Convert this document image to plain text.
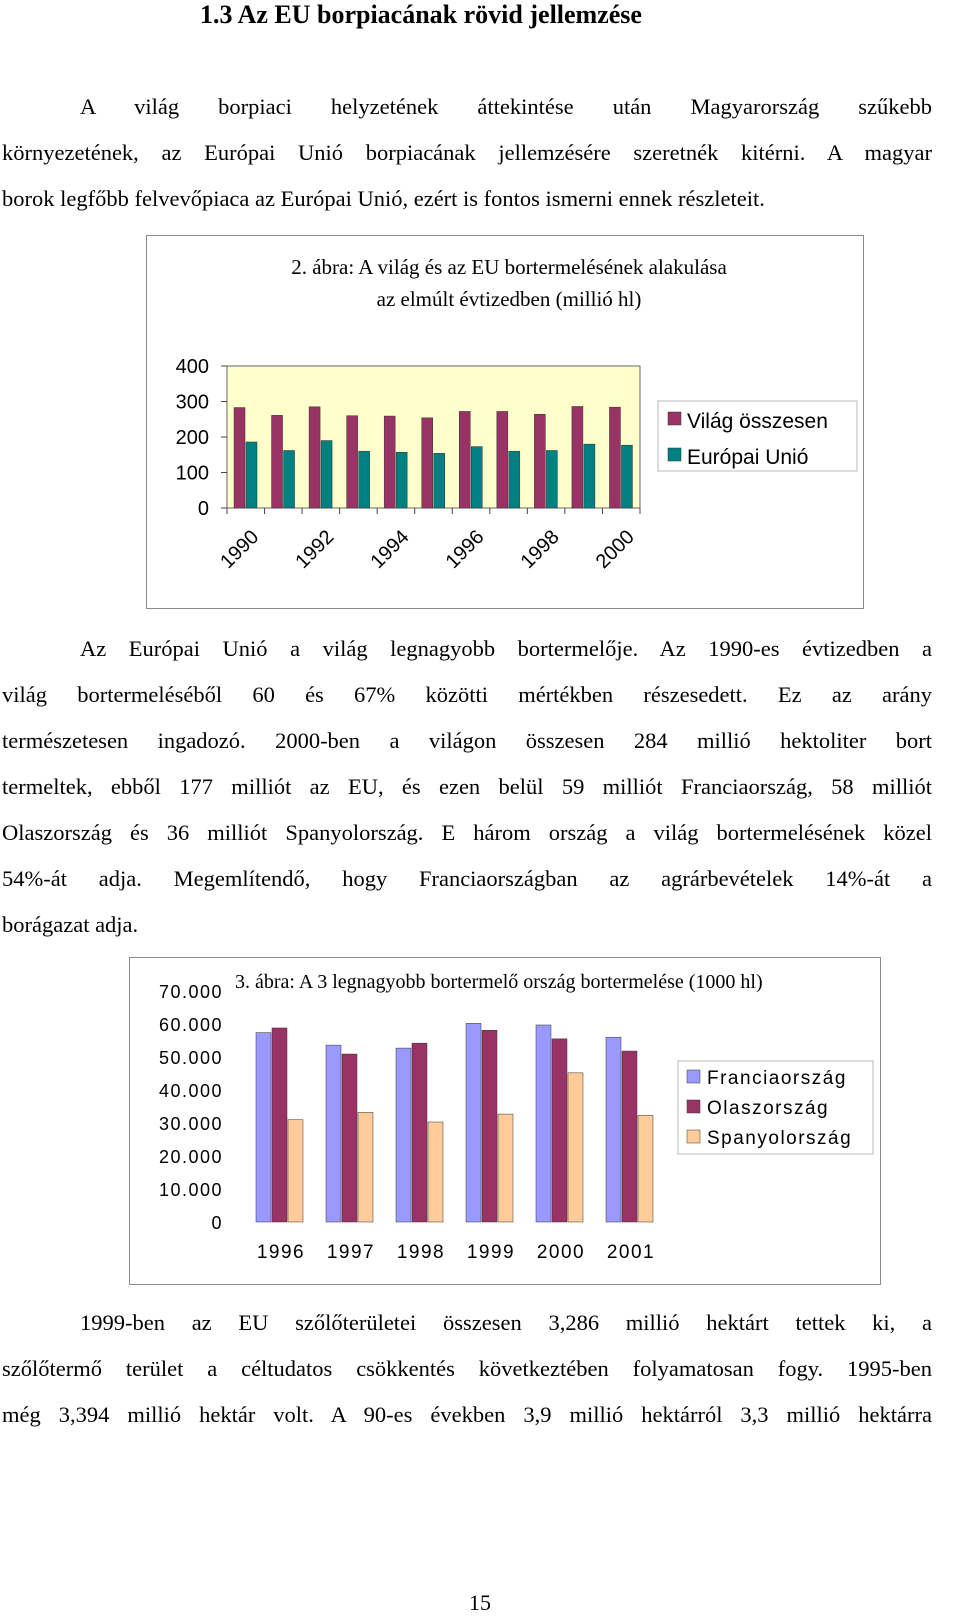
1.3 Az EU borpiacának rövid jellemzése
A világ borpiaci helyzetének áttekintése után Magyarország szűkebb
környezetének, az Európai Unió borpiacának jellemzésére szeretnék kitérni. A magyar
borok legfőbb felvevőpiaca az Európai Unió, ezért is fontos ismerni ennek részleteit.
2. ábra: A világ és az EU bortermelésének alakulása
az elmúlt évtizedben (millió hl)
400
300
200
100
0
1990 1992 1994 1996 1998 2000
Világ összesen
Európai Unió
Az Európai Unió a világ legnagyobb bortermelője. Az 1990-es évtizedben a
világ bortermeléséből 60 és 67% közötti mértékben részesedett. Ez az arány
természetesen ingadozó. 2000-ben a világon összesen 284 millió hektoliter bort
termeltek, ebből 177 milliót az EU, és ezen belül 59 milliót Franciaország, 58 milliót
Olaszország és 36 milliót Spanyolország. E három ország a világ bortermelésének közel
54%-át adja. Megemlítendő, hogy Franciaországban az agrárbevételek 14%-át a
borágazat adja.
70.000
60.000
50.000
40.000
30.000
20.000
10.000
0
1996 1997 1998 1999 2000 2001
3. ábra: A 3 legnagyobb bortermelő ország bortermelése (1000 hl)
Franciaország
Olaszország
Spanyolország
1999-ben az EU szőlőterületei összesen 3,286 millió hektárt tettek ki, a
szőlőtermő terület a céltudatos csökkentés következtében folyamatosan fogy. 1995-ben
még 3,394 millió hektár volt. A 90-es években 3,9 millió hektárról 3,3 millió hektárra
15
